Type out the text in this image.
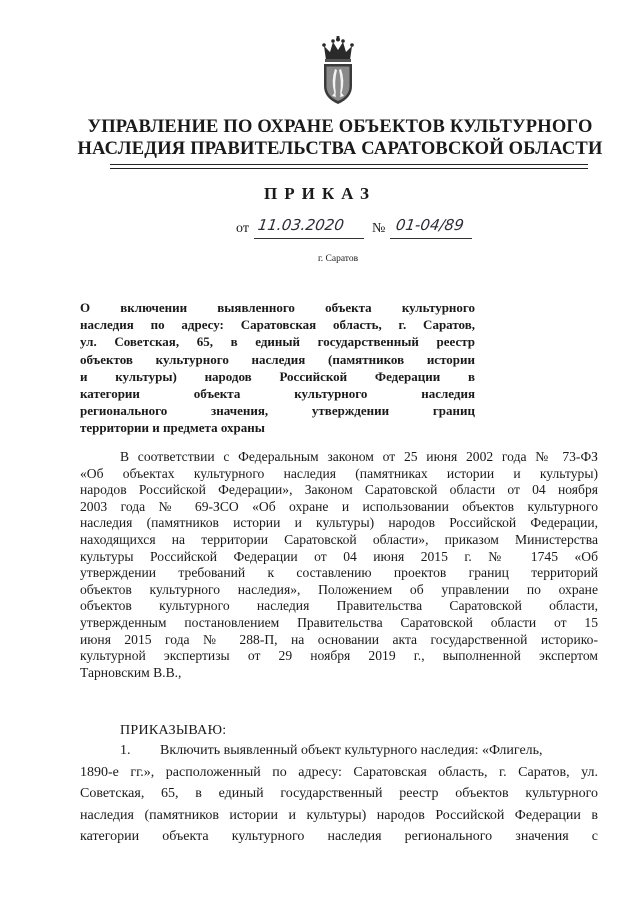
УПРАВЛЕНИЕ ПО ОХРАНЕ ОБЪЕКТОВ КУЛЬТУРНОГО
НАСЛЕДИЯ ПРАВИТЕЛЬСТВА САРАТОВСКОЙ ОБЛАСТИ
ПРИКАЗ
от 11.03.2020 № 01-04/89
г. Саратов
О включении выявленного объекта культурного
наследия по адресу: Саратовская область, г. Саратов,
ул. Советская, 65, в единый государственный реестр
объектов культурного наследия (памятников истории
и культуры) народов Российской Федерации в
категории объекта культурного наследия
регионального значения, утверждении границ
территории и предмета охраны
В соответствии с Федеральным законом от 25 июня 2002 года № 73-ФЗ
«Об объектах культурного наследия (памятниках истории и культуры)
народов Российской Федерации», Законом Саратовской области от 04 ноября
2003 года № 69-ЗСО «Об охране и использовании объектов культурного
наследия (памятников истории и культуры) народов Российской Федерации,
находящихся на территории Саратовской области», приказом Министерства
культуры Российской Федерации от 04 июня 2015 г. № 1745 «Об
утверждении требований к составлению проектов границ территорий
объектов культурного наследия», Положением об управлении по охране
объектов культурного наследия Правительства Саратовской области,
утвержденным постановлением Правительства Саратовской области от 15
июня 2015 года № 288-П, на основании акта государственной историко-
культурной экспертизы от 29 ноября 2019 г., выполненной экспертом
Тарновским В.В.,
ПРИКАЗЫВАЮ:
1. Включить выявленный объект культурного наследия: «Флигель,
1890-е гг.», расположенный по адресу: Саратовская область, г. Саратов, ул.
Советская, 65, в единый государственный реестр объектов культурного
наследия (памятников истории и культуры) народов Российской Федерации в
категории объекта культурного наследия регионального значения с
